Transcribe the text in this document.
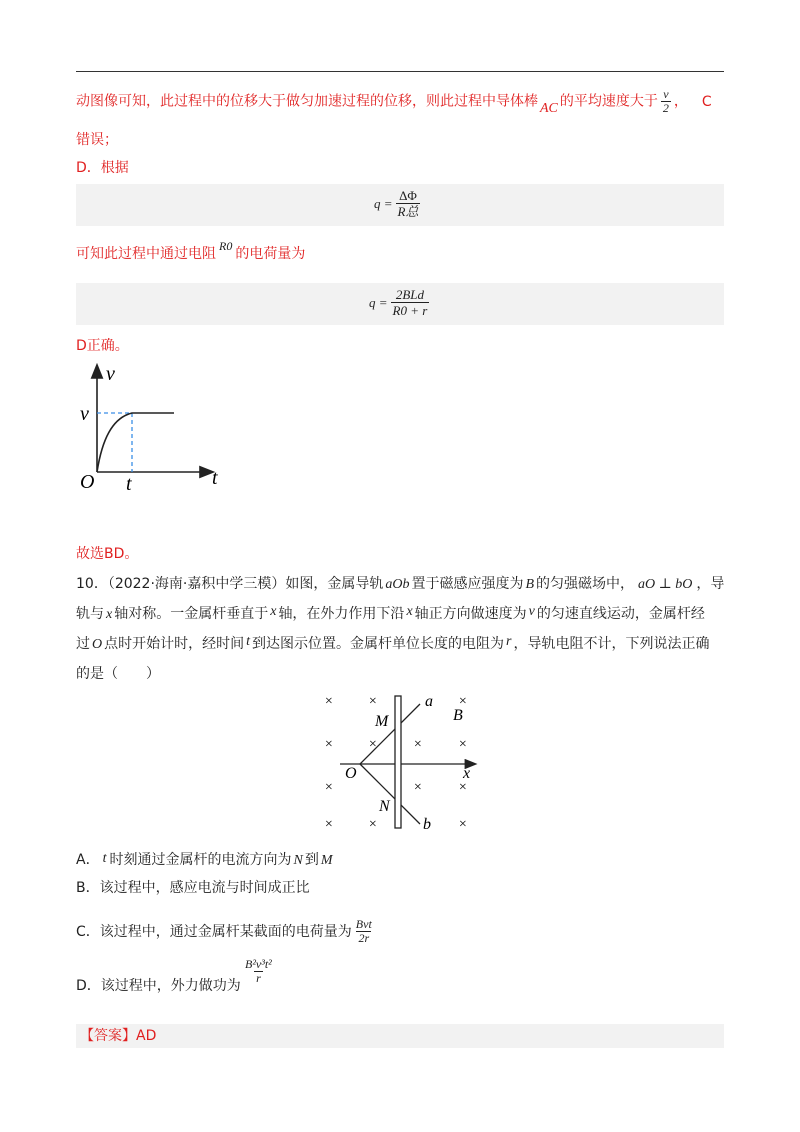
动图像可知，此过程中的位移大于做匀加速过程的位移，则此过程中导体棒 AC 的平均速度大于 $\frac{v}{2}$ ， C
错误；
D．根据
$q = \frac{\Delta\Phi}{\text{R总}}$
可知此过程中通过电阻 R0 的电荷量为
$q = \frac{\text{2BLd}}{R0 + r}$
D正确。
v
t
O
v
t
故选BD。
10．（2022·海南·嘉积中学三模）如图，金属导轨 aOb 置于磁感应强度为 B 的匀强磁场中， aO ⊥ bO ，导
轨与 x 轴对称。一金属杆垂直于 x 轴，在外力作用下沿 x 轴正方向做速度为 v 的匀速直线运动，金属杆经
过 O 点时开始计时，经时间 t 到达图示位置。金属杆单位长度的电阻为 r ，导轨电阻不计，下列说法正确
的是（　　）
× ×	×
× ×	×	×
×	×	×
× ×	×
a
B
M
N
O	x
b
A． t 时刻通过金属杆的电流方向为 N 到 M
B．该过程中，感应电流与时间成正比
C．该过程中，通过金属杆某截面的电荷量为 $\frac{\text{Bvt}}{2r}$
D．该过程中，外力做功为
$\frac{\text{B²v³t²}}{r}$
【答案】AD
